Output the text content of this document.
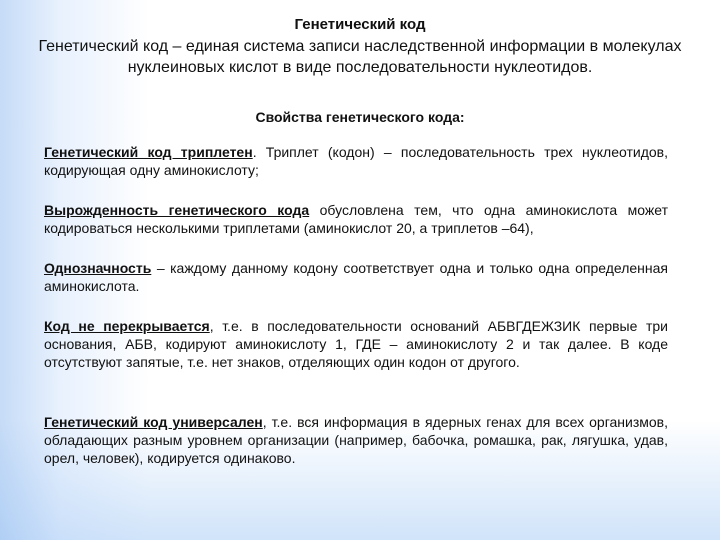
Генетический код
Генетический код – единая система записи наследственной информации в молекулах нуклеиновых кислот в виде последовательности нуклеотидов.
Свойства генетического кода:

Генетический код триплетен. Триплет (кодон) – последовательность трех нуклеотидов, кодирующая одну аминокислоту;

Вырожденность генетического кода обусловлена тем, что одна аминокислота может кодироваться несколькими триплетами (аминокислот 20, а триплетов –64),

Однозначность – каждому данному кодону соответствует одна и только одна определенная аминокислота.

Код не перекрывается, т.е. в последовательности оснований АБВГДЕЖЗИК первые три основания, АБВ, кодируют аминокислоту 1, ГДЕ – аминокислоту 2 и так далее. В коде отсутствуют запятые, т.е. нет знаков, отделяющих один кодон от другого.

Генетический код универсален, т.е. вся информация в ядерных генах для всех организмов, обладающих разным уровнем организации (например, бабочка, ромашка, рак, лягушка, удав, орел, человек), кодируется одинаково.
